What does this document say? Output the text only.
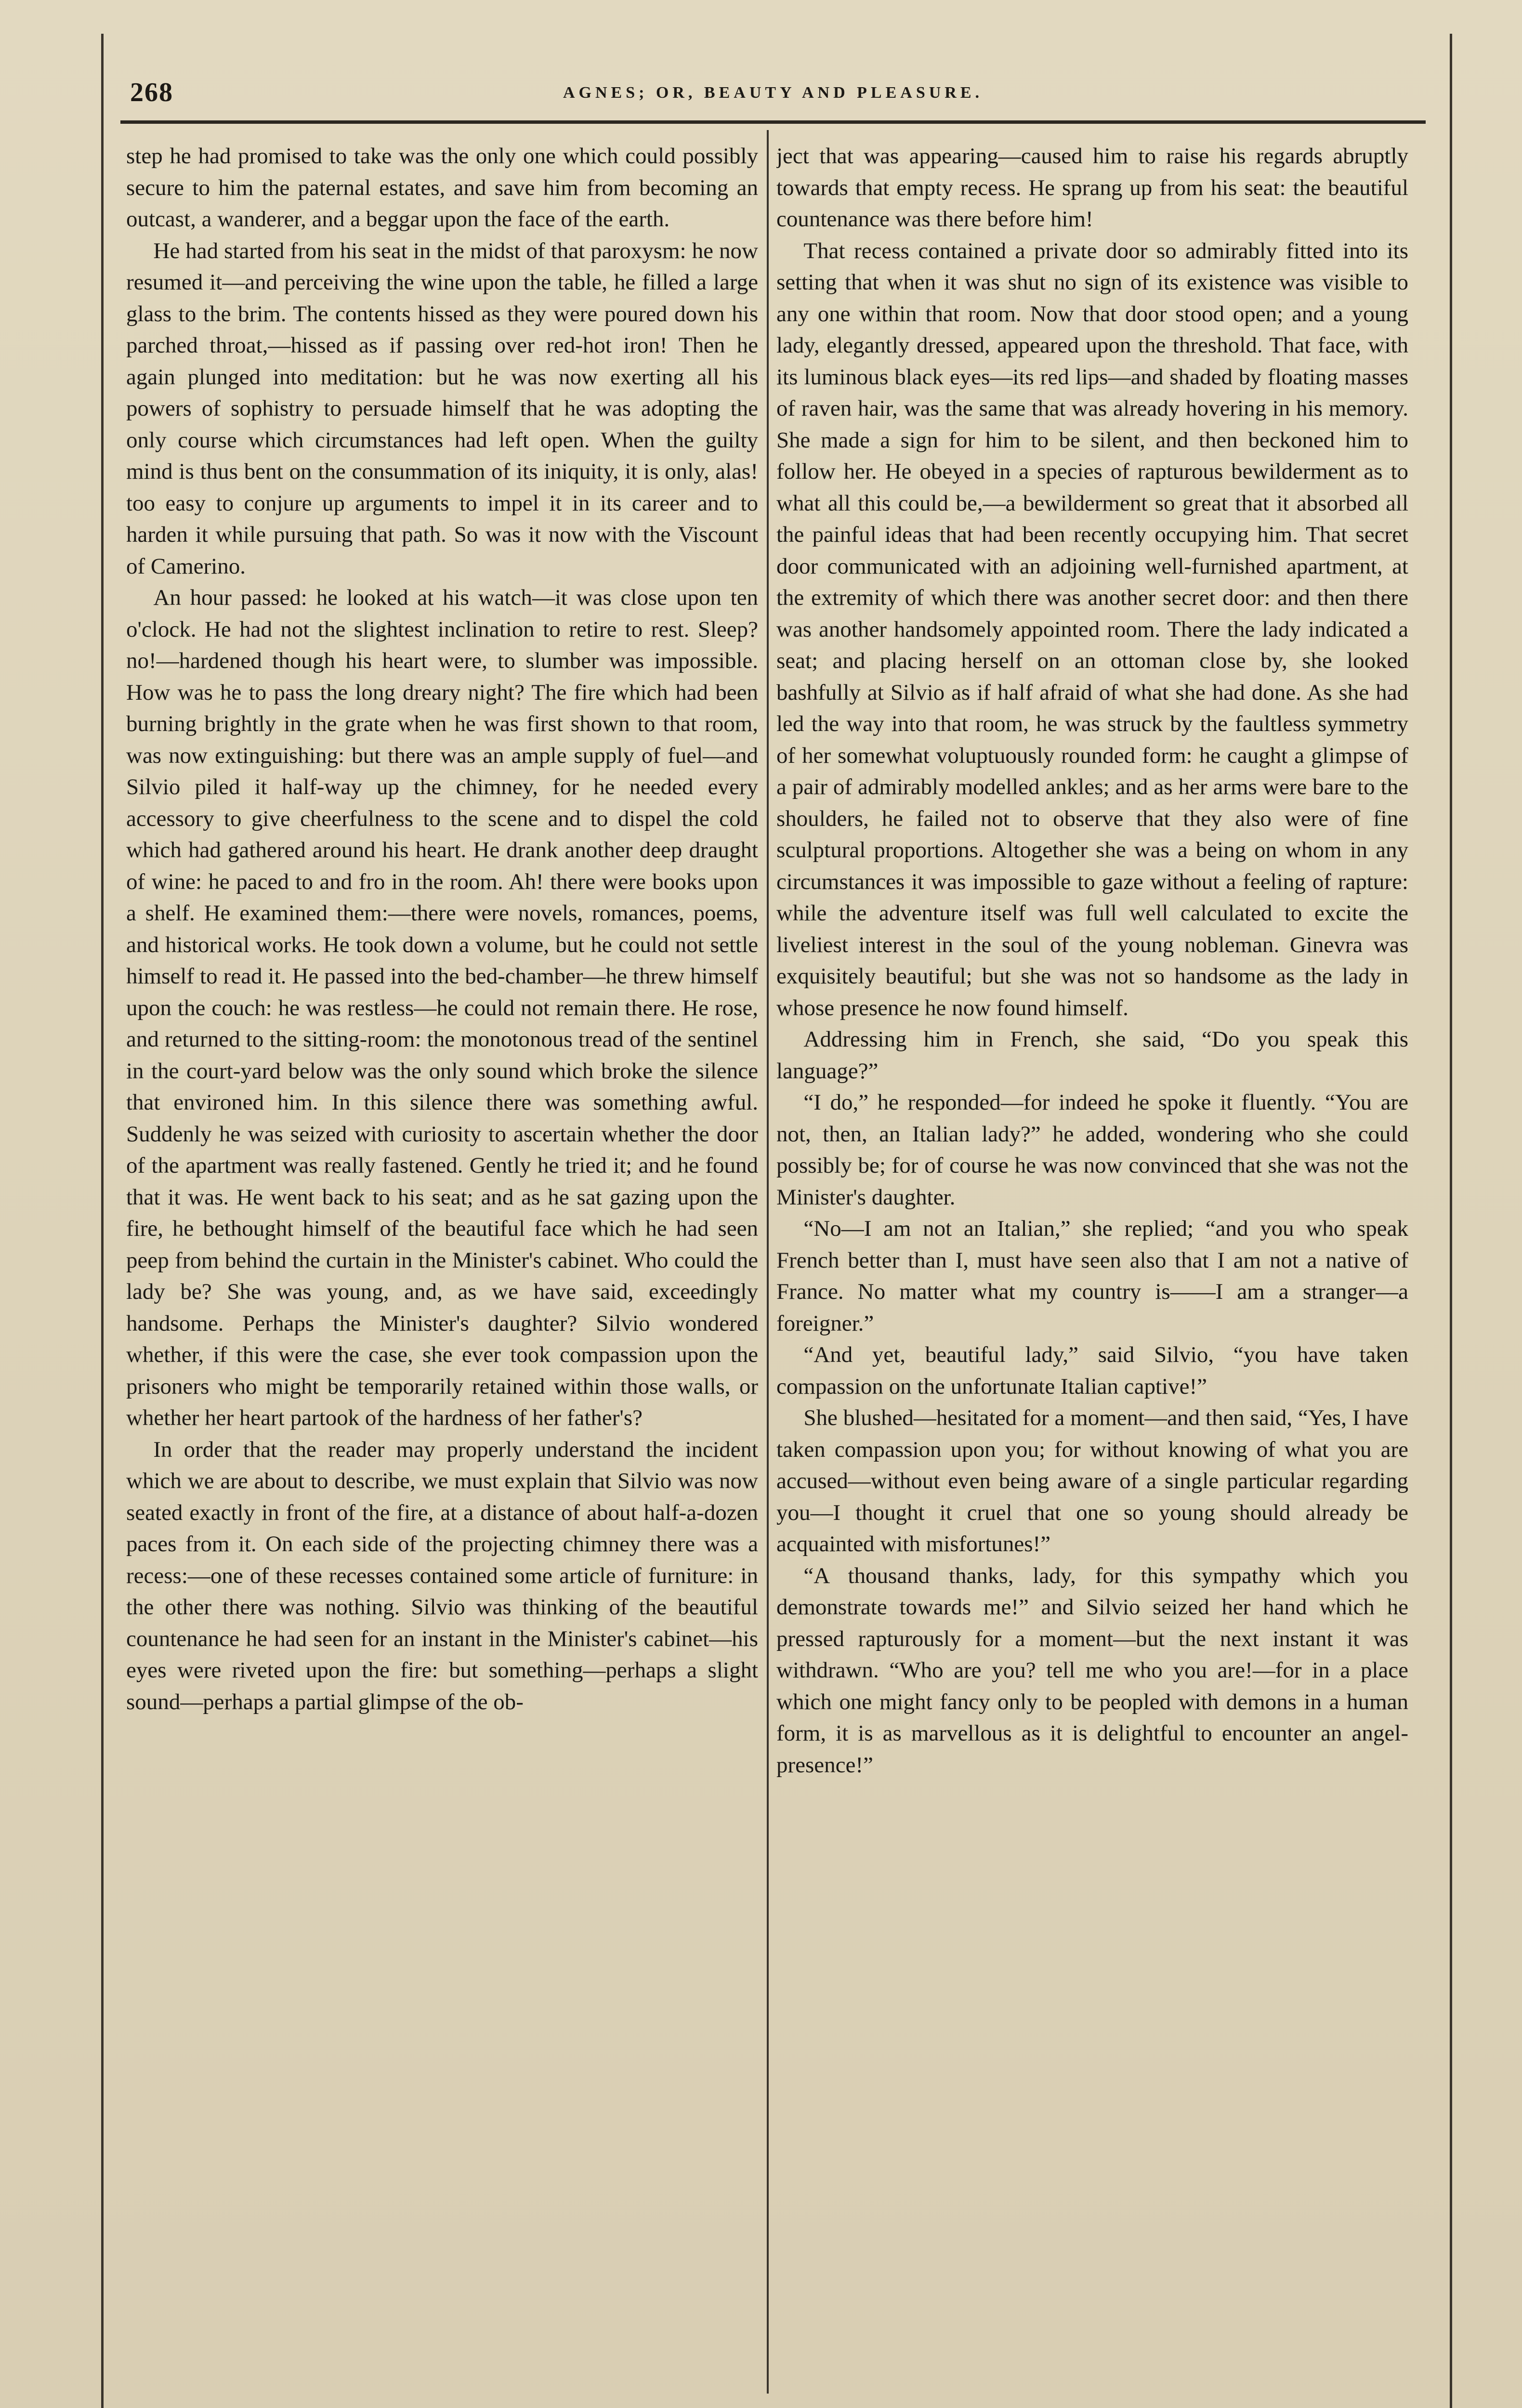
268	AGNES; OR, BEAUTY AND PLEASURE.

step he had promised to take was the only one which could possibly secure to him the paternal estates, and save him from becoming an outcast, a wanderer, and a beggar upon the face of the earth.

He had started from his seat in the midst of that paroxysm: he now resumed it—and perceiving the wine upon the table, he filled a large glass to the brim. The contents hissed as they were poured down his parched throat,—hissed as if passing over red-hot iron! Then he again plunged into meditation: but he was now exerting all his powers of sophistry to persuade himself that he was adopting the only course which circumstances had left open. When the guilty mind is thus bent on the consummation of its iniquity, it is only, alas! too easy to conjure up arguments to impel it in its career and to harden it while pursuing that path. So was it now with the Viscount of Camerino.

An hour passed: he looked at his watch—it was close upon ten o'clock. He had not the slightest inclination to retire to rest. Sleep? no!—hardened though his heart were, to slumber was impossible. How was he to pass the long dreary night? The fire which had been burning brightly in the grate when he was first shown to that room, was now extinguishing: but there was an ample supply of fuel—and Silvio piled it half-way up the chimney, for he needed every accessory to give cheerfulness to the scene and to dispel the cold which had gathered around his heart. He drank another deep draught of wine: he paced to and fro in the room. Ah! there were books upon a shelf. He examined them:—there were novels, romances, poems, and historical works. He took down a volume, but he could not settle himself to read it. He passed into the bed-chamber—he threw himself upon the couch: he was restless—he could not remain there. He rose, and returned to the sitting-room: the monotonous tread of the sentinel in the court-yard below was the only sound which broke the silence that environed him. In this silence there was something awful. Suddenly he was seized with curiosity to ascertain whether the door of the apartment was really fastened. Gently he tried it; and he found that it was. He went back to his seat; and as he sat gazing upon the fire, he bethought himself of the beautiful face which he had seen peep from behind the curtain in the Minister's cabinet. Who could the lady be? She was young, and, as we have said, exceedingly handsome. Perhaps the Minister's daughter? Silvio wondered whether, if this were the case, she ever took compassion upon the prisoners who might be temporarily retained within those walls, or whether her heart partook of the hardness of her father's?

In order that the reader may properly understand the incident which we are about to describe, we must explain that Silvio was now seated exactly in front of the fire, at a distance of about half-a-dozen paces from it. On each side of the projecting chimney there was a recess:—one of these recesses contained some article of furniture: in the other there was nothing. Silvio was thinking of the beautiful countenance he had seen for an instant in the Minister's cabinet—his eyes were riveted upon the fire: but something—perhaps a slight sound—perhaps a partial glimpse of the ob-

ject that was appearing—caused him to raise his regards abruptly towards that empty recess. He sprang up from his seat: the beautiful countenance was there before him!

That recess contained a private door so admirably fitted into its setting that when it was shut no sign of its existence was visible to any one within that room. Now that door stood open; and a young lady, elegantly dressed, appeared upon the threshold. That face, with its luminous black eyes—its red lips—and shaded by floating masses of raven hair, was the same that was already hovering in his memory. She made a sign for him to be silent, and then beckoned him to follow her. He obeyed in a species of rapturous bewilderment as to what all this could be,—a bewilderment so great that it absorbed all the painful ideas that had been recently occupying him. That secret door communicated with an adjoining well-furnished apartment, at the extremity of which there was another secret door: and then there was another handsomely appointed room. There the lady indicated a seat; and placing herself on an ottoman close by, she looked bashfully at Silvio as if half afraid of what she had done. As she had led the way into that room, he was struck by the faultless symmetry of her somewhat voluptuously rounded form: he caught a glimpse of a pair of admirably modelled ankles; and as her arms were bare to the shoulders, he failed not to observe that they also were of fine sculptural proportions. Altogether she was a being on whom in any circumstances it was impossible to gaze without a feeling of rapture: while the adventure itself was full well calculated to excite the liveliest interest in the soul of the young nobleman. Ginevra was exquisitely beautiful; but she was not so handsome as the lady in whose presence he now found himself.

Addressing him in French, she said, “Do you speak this language?”

“I do,” he responded—for indeed he spoke it fluently. “You are not, then, an Italian lady?” he added, wondering who she could possibly be; for of course he was now convinced that she was not the Minister's daughter.

“No—I am not an Italian,” she replied; “and you who speak French better than I, must have seen also that I am not a native of France. No matter what my country is——I am a stranger—a foreigner.”

“And yet, beautiful lady,” said Silvio, “you have taken compassion on the unfortunate Italian captive!”

She blushed—hesitated for a moment—and then said, “Yes, I have taken compassion upon you; for without knowing of what you are accused—without even being aware of a single particular regarding you—I thought it cruel that one so young should already be acquainted with misfortunes!”

“A thousand thanks, lady, for this sympathy which you demonstrate towards me!” and Silvio seized her hand which he pressed rapturously for a moment—but the next instant it was withdrawn. “Who are you? tell me who you are!—for in a place which one might fancy only to be peopled with demons in a human form, it is as marvellous as it is delightful to encounter an angel-presence!”
